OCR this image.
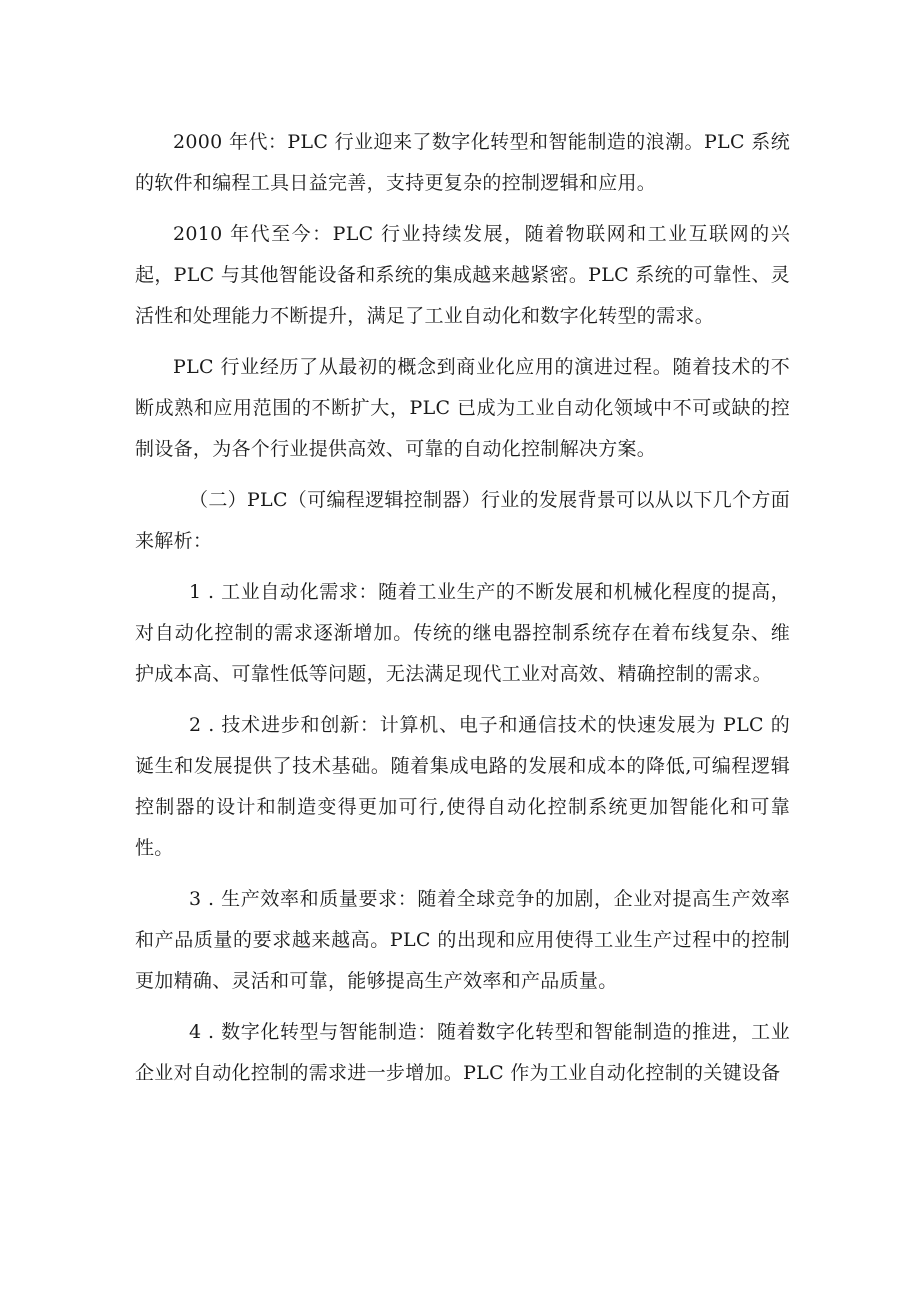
2000 年代：PLC 行业迎来了数字化转型和智能制造的浪潮。PLC 系统的软件和编程工具日益完善，支持更复杂的控制逻辑和应用。

2010 年代至今：PLC 行业持续发展，随着物联网和工业互联网的兴起，PLC 与其他智能设备和系统的集成越来越紧密。PLC 系统的可靠性、灵活性和处理能力不断提升，满足了工业自动化和数字化转型的需求。

PLC 行业经历了从最初的概念到商业化应用的演进过程。随着技术的不断成熟和应用范围的不断扩大，PLC 已成为工业自动化领域中不可或缺的控制设备，为各个行业提供高效、可靠的自动化控制解决方案。

（二）PLC（可编程逻辑控制器）行业的发展背景可以从以下几个方面来解析：

1 . 工业自动化需求：随着工业生产的不断发展和机械化程度的提高，对自动化控制的需求逐渐增加。传统的继电器控制系统存在着布线复杂、维护成本高、可靠性低等问题，无法满足现代工业对高效、精确控制的需求。

2 . 技术进步和创新：计算机、电子和通信技术的快速发展为 PLC 的诞生和发展提供了技术基础。随着集成电路的发展和成本的降低,可编程逻辑控制器的设计和制造变得更加可行,使得自动化控制系统更加智能化和可靠性。

3 . 生产效率和质量要求：随着全球竞争的加剧，企业对提高生产效率和产品质量的要求越来越高。PLC 的出现和应用使得工业生产过程中的控制更加精确、灵活和可靠，能够提高生产效率和产品质量。

4 . 数字化转型与智能制造：随着数字化转型和智能制造的推进，工业企业对自动化控制的需求进一步增加。PLC 作为工业自动化控制的关键设备
